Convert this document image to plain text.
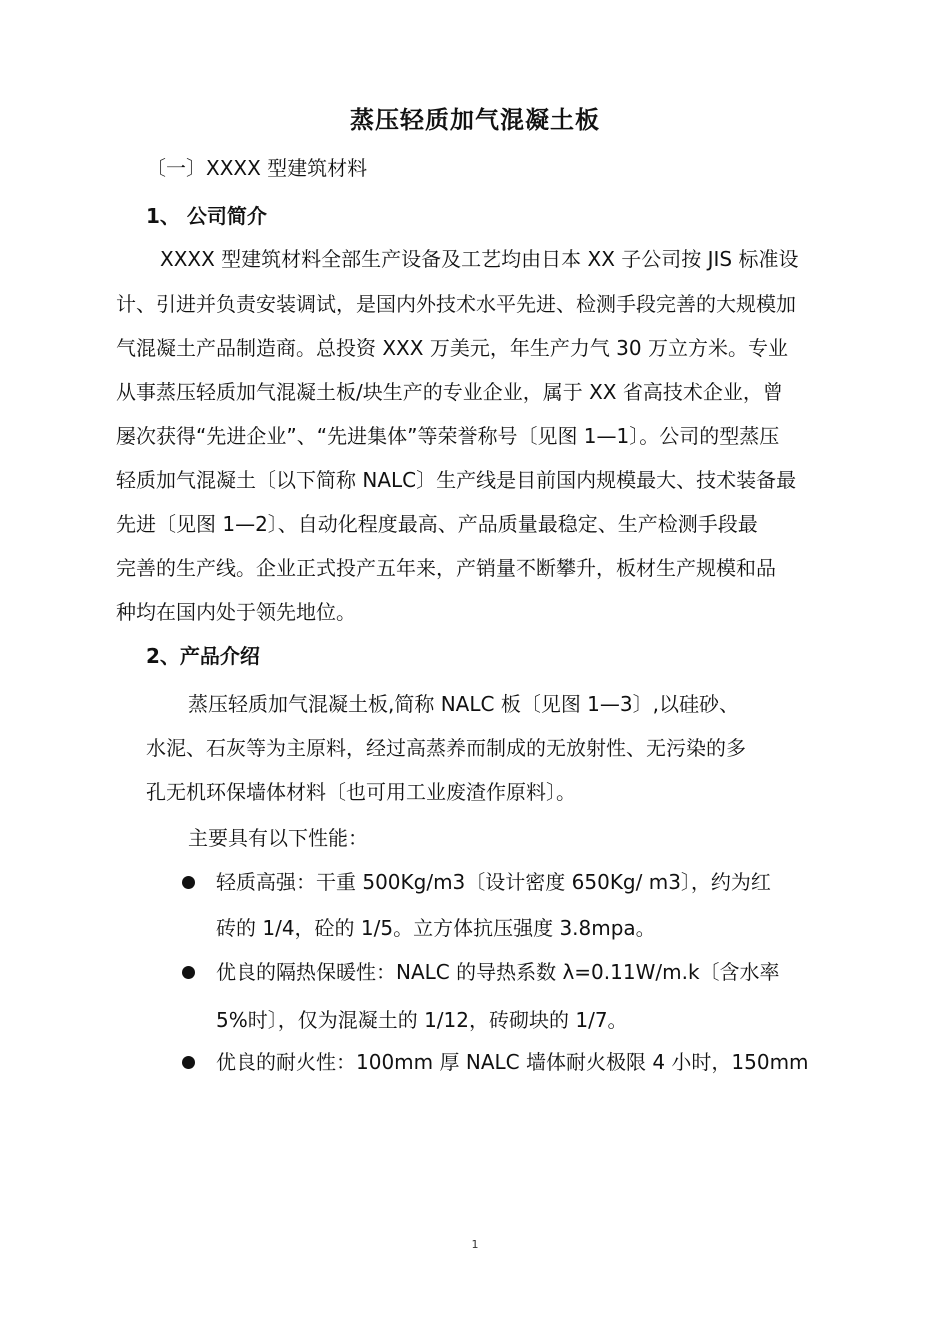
蒸压轻质加气混凝土板
〔一〕XXXX 型建筑材料
1、 公司简介
XXXX 型建筑材料全部生产设备及工艺均由日本 XX 子公司按 JIS 标准设
计、引进并负责安装调试，是国内外技术水平先进、检测手段完善的大规模加
气混凝土产品制造商。总投资 XXX 万美元，年生产力气 30 万立方米。专业
从事蒸压轻质加气混凝土板/块生产的专业企业，属于 XX 省高技术企业，曾
屡次获得“先进企业”、“先进集体”等荣誉称号〔见图 1—1〕。公司的型蒸压
轻质加气混凝土〔以下简称 NALC〕生产线是目前国内规模最大、技术装备最
先进〔见图 1—2〕、自动化程度最高、产品质量最稳定、生产检测手段最
完善的生产线。企业正式投产五年来，产销量不断攀升，板材生产规模和品
种均在国内处于领先地位。
2、产品介绍
蒸压轻质加气混凝土板,简称 NALC 板〔见图 1—3〕,以硅砂、
水泥、石灰等为主原料，经过高蒸养而制成的无放射性、无污染的多
孔无机环保墙体材料〔也可用工业废渣作原料〕。
主要具有以下性能：
轻质高强：干重 500Kg/m3〔设计密度 650Kg/ m3〕，约为红
砖的 1/4，砼的 1/5。立方体抗压强度 3.8mpa。
优良的隔热保暖性：NALC 的导热系数 λ=0.11W/m.k〔含水率
5%时〕，仅为混凝土的 1/12，砖砌块的 1/7。
优良的耐火性：100mm 厚 NALC 墙体耐火极限 4 小时，150mm
1
